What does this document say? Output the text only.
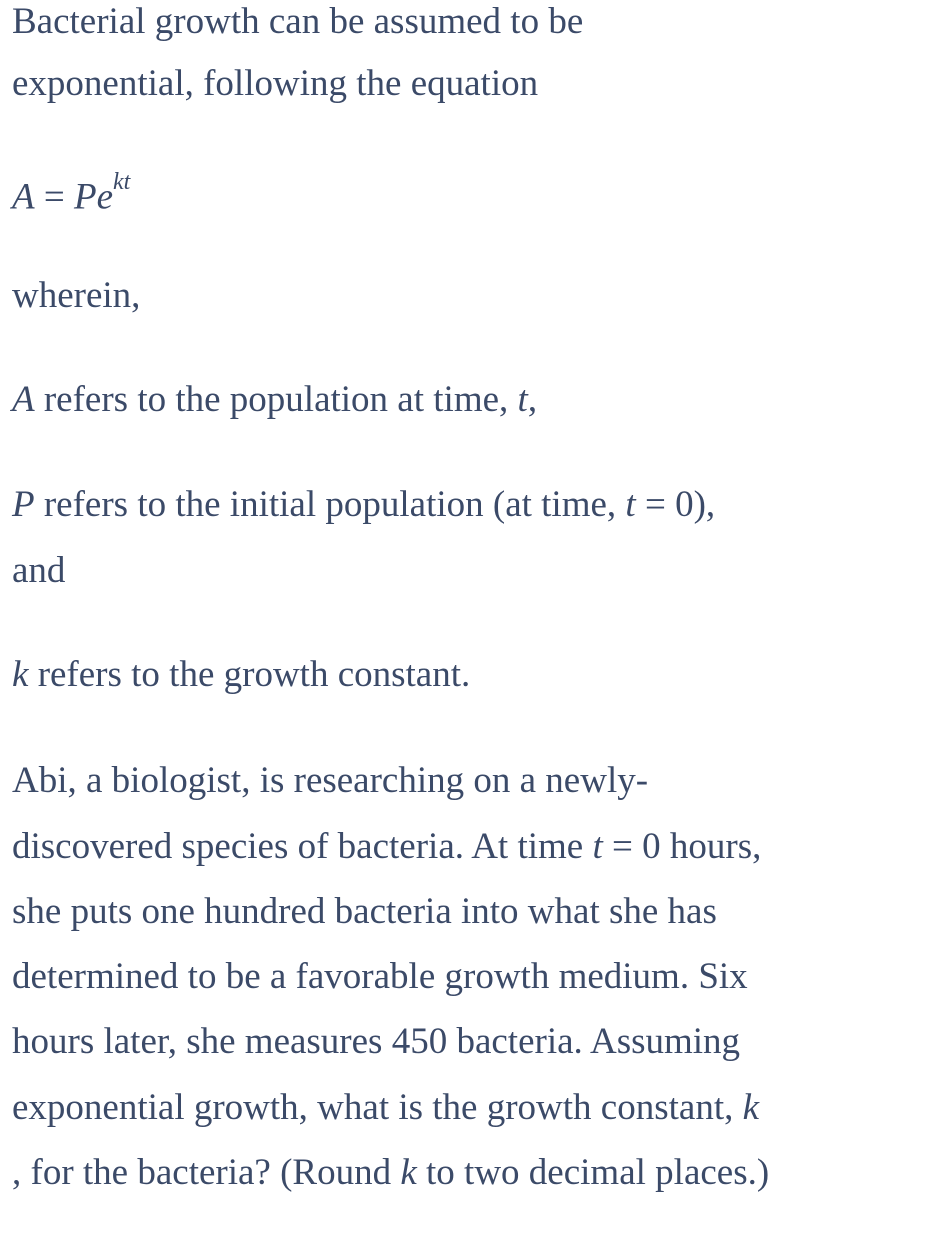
Bacterial growth can be assumed to be
exponential, following the equation
$A = Pe^{kt}$
wherein,
A refers to the population at time, t,
P refers to the initial population (at time, t = 0),
and
k refers to the growth constant.
Abi, a biologist, is researching on a newly-
discovered species of bacteria. At time t = 0 hours,
she puts one hundred bacteria into what she has
determined to be a favorable growth medium. Six
hours later, she measures 450 bacteria. Assuming
exponential growth, what is the growth constant, k
, for the bacteria? (Round k to two decimal places.)
